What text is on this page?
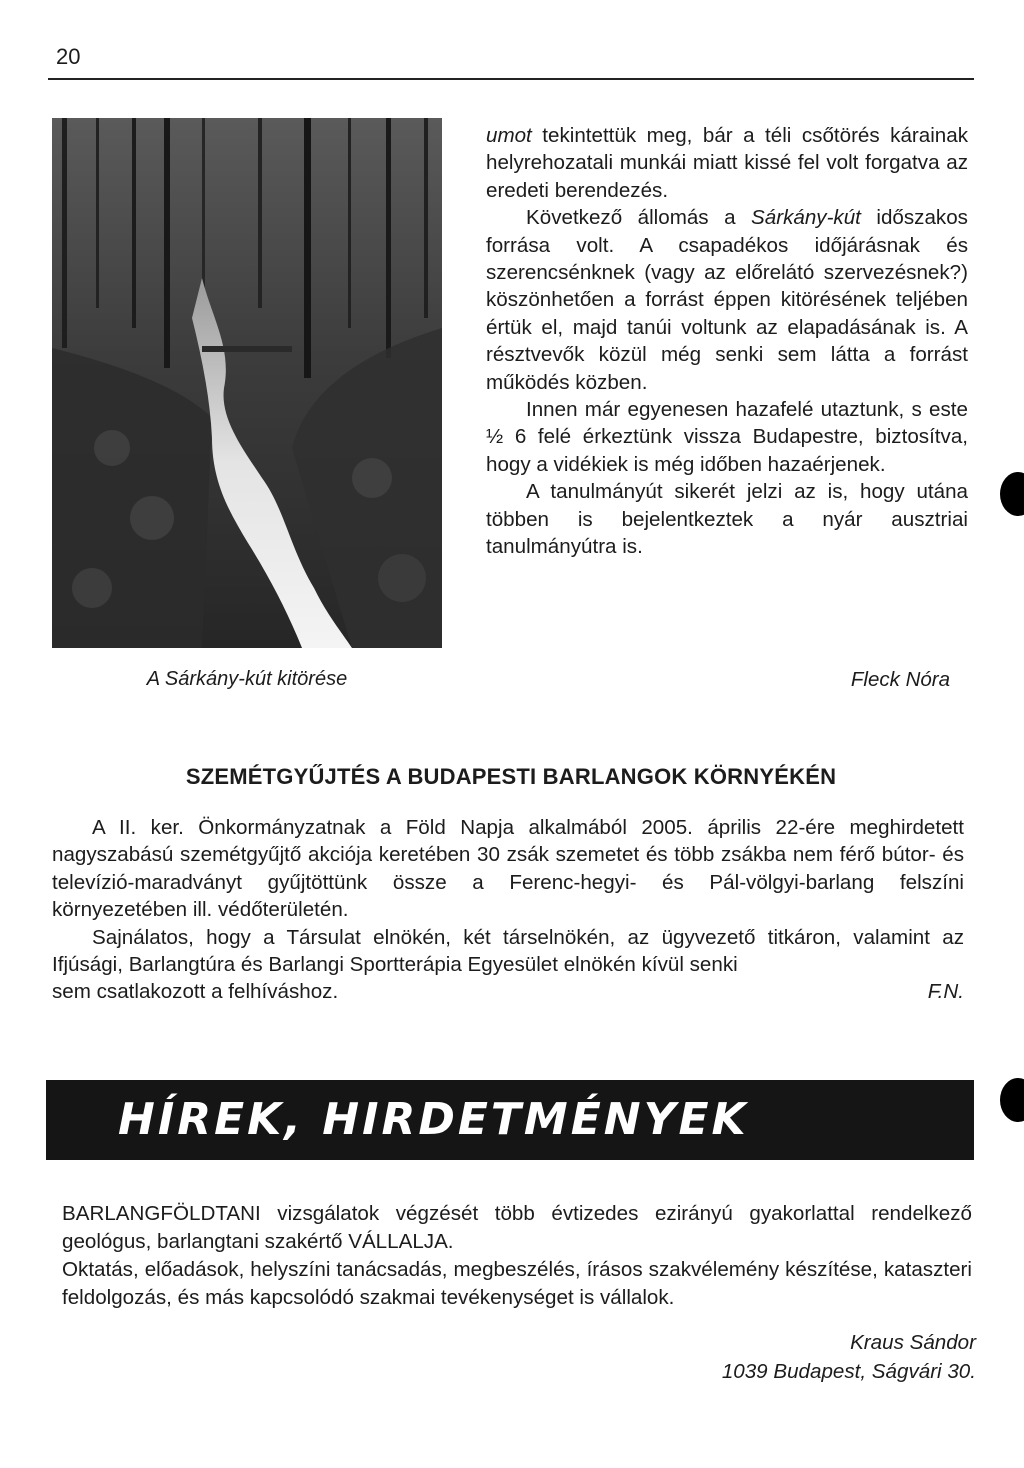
20
A Sárkány-kút kitörése

umot tekintettük meg, bár a téli csőtörés kárainak helyrehozatali munkái miatt kissé fel volt forgatva az eredeti berendezés.

Következő állomás a Sárkány-kút időszakos forrása volt. A csapadékos időjárásnak és szerencsénknek (vagy az előrelátó szervezésnek?) köszönhetően a forrást éppen kitörésének teljében értük el, majd tanúi voltunk az elapadásának is. A résztvevők közül még senki sem látta a forrást működés közben.

Innen már egyenesen hazafelé utaztunk, s este ½ 6 felé érkeztünk vissza Budapestre, biztosítva, hogy a vidékiek is még időben hazaérjenek.

A tanulmányút sikerét jelzi az is, hogy utána többen is bejelentkeztek a nyár ausztriai tanulmányútra is.

Fleck Nóra
SZEMÉTGYŰJTÉS A BUDAPESTI BARLANGOK KÖRNYÉKÉN

A II. ker. Önkormányzatnak a Föld Napja alkalmából 2005. április 22-ére meghirdetett nagyszabású szemétgyűjtő akciója keretében 30 zsák szemetet és több zsákba nem férő bútor- és televízió-maradványt gyűjtöttünk össze a Ferenc-hegyi- és Pál-völgyi-barlang felszíni környezetében ill. védőterületén.

Sajnálatos, hogy a Társulat elnökén, két társelnökén, az ügyvezető titkáron, valamint az Ifjúsági, Barlangtúra és Barlangi Sportterápia Egyesület elnökén kívül senki

sem csatlakozott a felhíváshoz.	F.N.
HÍREK, HIRDETMÉNYEK

BARLANGFÖLDTANI vizsgálatok végzését több évtizedes ezirányú gyakorlattal rendelkező geológus, barlangtani szakértő VÁLLALJA.

Oktatás, előadások, helyszíni tanácsadás, megbeszélés, írásos szakvélemény készítése, kataszteri feldolgozás, és más kapcsolódó szakmai tevékenységet is vállalok.

Kraus Sándor
1039 Budapest, Ságvári 30.
